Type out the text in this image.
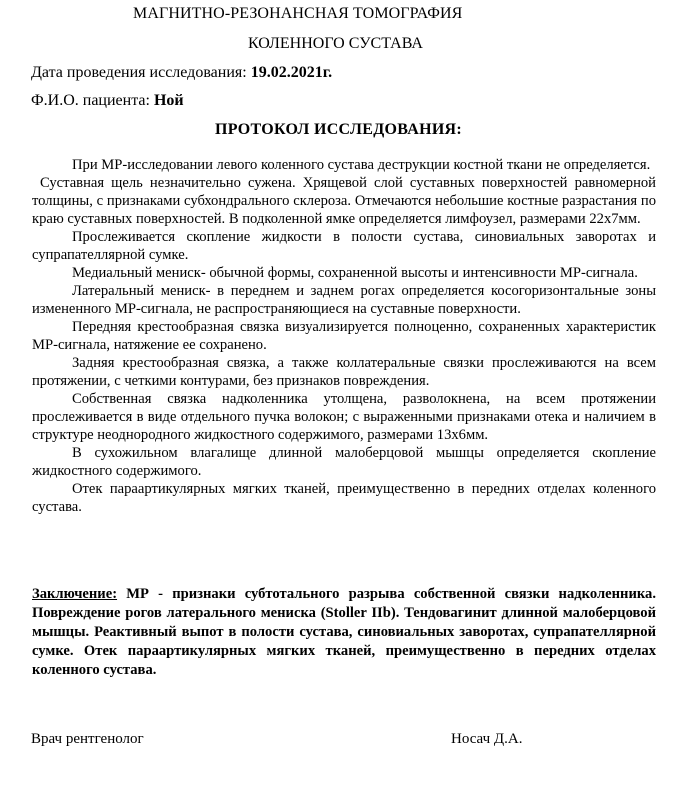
МАГНИТНО-РЕЗОНАНСНАЯ ТОМОГРАФИЯ
КОЛЕННОГО СУСТАВА
Дата проведения исследования: 19.02.2021г.
Ф.И.О. пациента: Ной
ПРОТОКОЛ ИССЛЕДОВАНИЯ:

При МР-исследовании левого коленного сустава деструкции костной ткани не определяется.

Суставная щель незначительно сужена. Хрящевой слой суставных поверхностей равномерной толщины, с признаками субхондрального склероза. Отмечаются небольшие костные разрастания по краю суставных поверхностей. В подколенной ямке определяется лимфоузел, размерами 22х7мм.

Прослеживается скопление жидкости в полости сустава, синовиальных заворотах и супрапателлярной сумке.

Медиальный мениск- обычной формы, сохраненной высоты и интенсивности МР-сигнала.

Латеральный мениск- в переднем и заднем рогах определяется косогоризонтальные зоны измененного МР-сигнала, не распространяющиеся на суставные поверхности.

Передняя крестообразная связка визуализируется полноценно, сохраненных характеристик МР-сигнала, натяжение ее сохранено.

Задняя крестообразная связка, а также коллатеральные связки прослеживаются на всем протяжении, с четкими контурами, без признаков повреждения.

Собственная связка надколенника утолщена, разволокнена, на всем протяжении прослеживается в виде отдельного пучка волокон; с выраженными признаками отека и наличием в структуре неоднородного жидкостного содержимого, размерами 13х6мм.

В сухожильном влагалище длинной малоберцовой мышцы определяется скопление жидкостного содержимого.

Отек параартикулярных мягких тканей, преимущественно в передних отделах коленного сустава.

Заключение: МР - признаки субтотального разрыва собственной связки надколенника. Повреждение рогов латерального мениска (Stoller IIb). Тендовагинит длинной малоберцовой мышцы. Реактивный выпот в полости сустава, синовиальных заворотах, супрапателлярной сумке. Отек параартикулярных мягких тканей, преимущественно в передних отделах коленного сустава.
Врач рентгенолог	Носач Д.А.
